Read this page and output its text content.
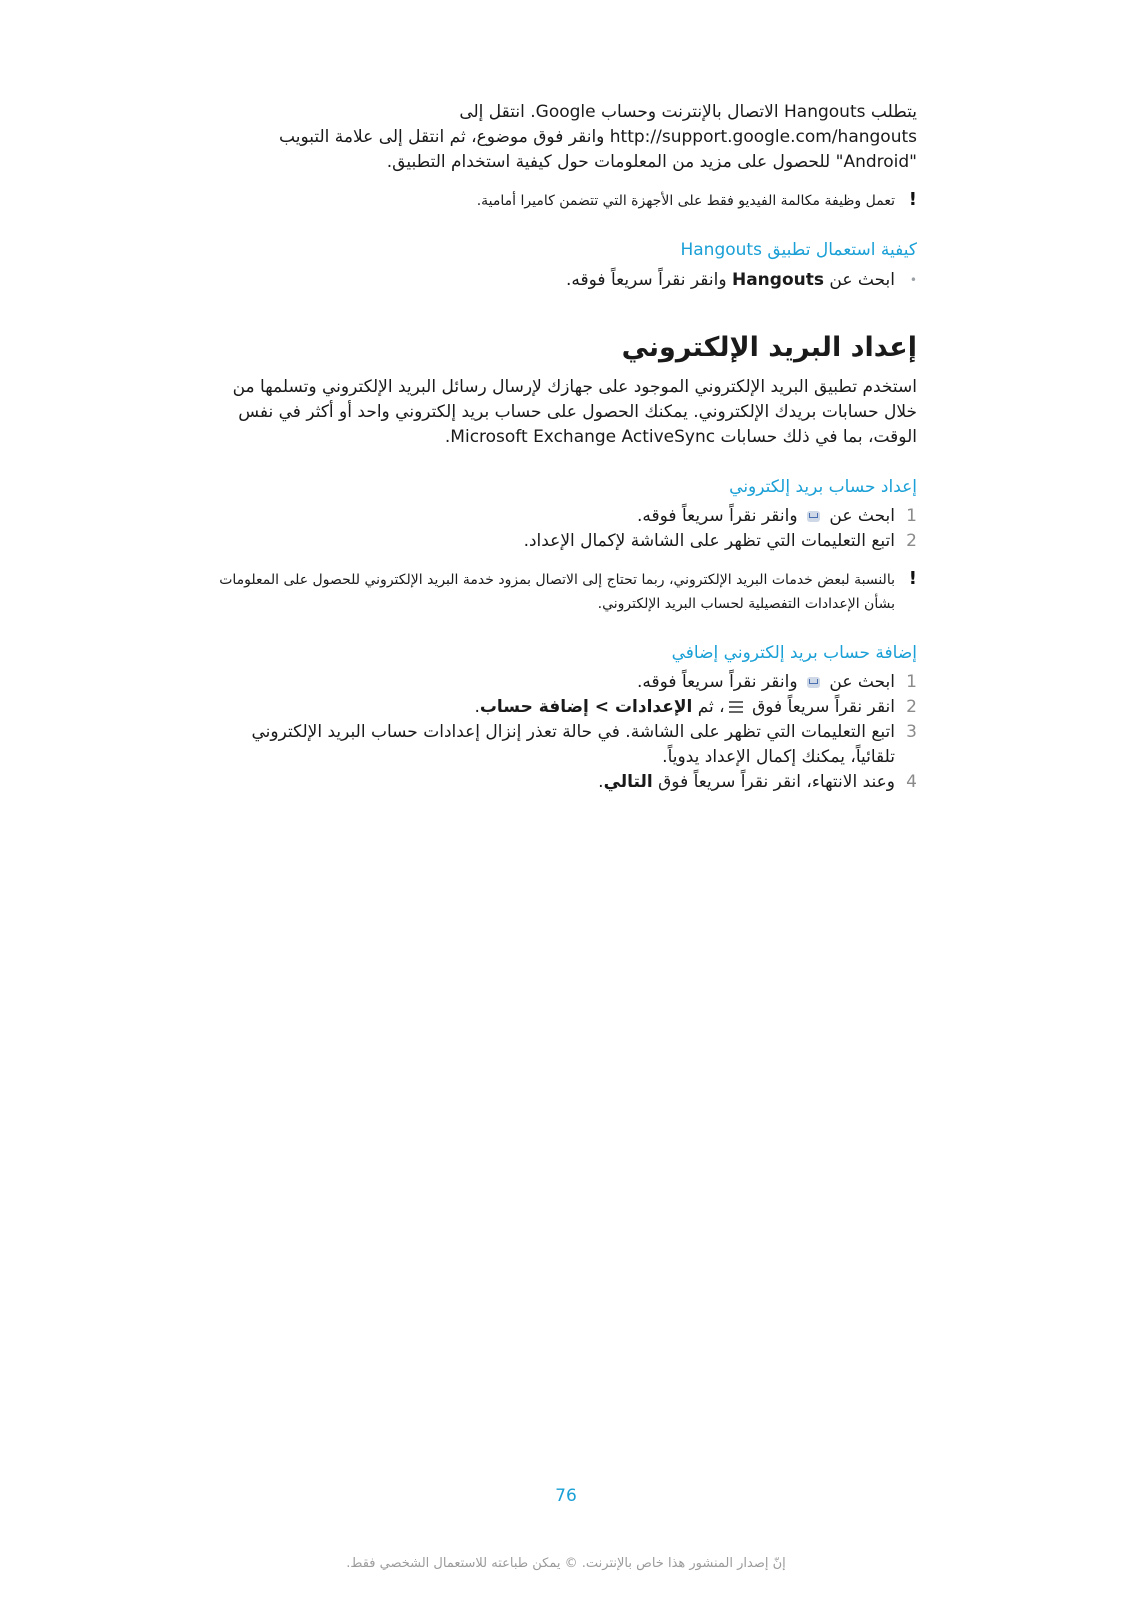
يتطلب Hangouts الاتصال بالإنترنت وحساب Google. انتقل إلى http://support.google.com/hangouts وانقر فوق موضوع، ثم انتقل إلى علامة التبويب "Android" للحصول على مزيد من المعلومات حول كيفية استخدام التطبيق.

!
تعمل وظيفة مكالمة الفيديو فقط على الأجهزة التي تتضمن كاميرا أمامية.
كيفية استعمال تطبيق Hangouts
•
ابحث عن Hangouts وانقر نقراً سريعاً فوقه.
إعداد البريد الإلكتروني

استخدم تطبيق البريد الإلكتروني الموجود على جهازك لإرسال رسائل البريد الإلكتروني وتسلمها من خلال حسابات بريدك الإلكتروني. يمكنك الحصول على حساب بريد إلكتروني واحد أو أكثر في نفس الوقت، بما في ذلك حسابات Microsoft Exchange ActiveSync.

إعداد حساب بريد إلكتروني
1
ابحث عن  وانقر نقراً سريعاً فوقه.
2
اتبع التعليمات التي تظهر على الشاشة لإكمال الإعداد.
!
بالنسبة لبعض خدمات البريد الإلكتروني، ربما تحتاج إلى الاتصال بمزود خدمة البريد الإلكتروني للحصول على المعلومات بشأن الإعدادات التفصيلية لحساب البريد الإلكتروني.
إضافة حساب بريد إلكتروني إضافي
1
ابحث عن  وانقر نقراً سريعاً فوقه.
2
انقر نقراً سريعاً فوق ، ثم الإعدادات > إضافة حساب.
3
اتبع التعليمات التي تظهر على الشاشة. في حالة تعذر إنزال إعدادات حساب البريد الإلكتروني تلقائياً، يمكنك إكمال الإعداد يدوياً.
4
وعند الانتهاء، انقر نقراً سريعاً فوق التالي.
76
إنّ إصدار المنشور هذا خاص بالإنترنت. © يمكن طباعته للاستعمال الشخصي فقط.
